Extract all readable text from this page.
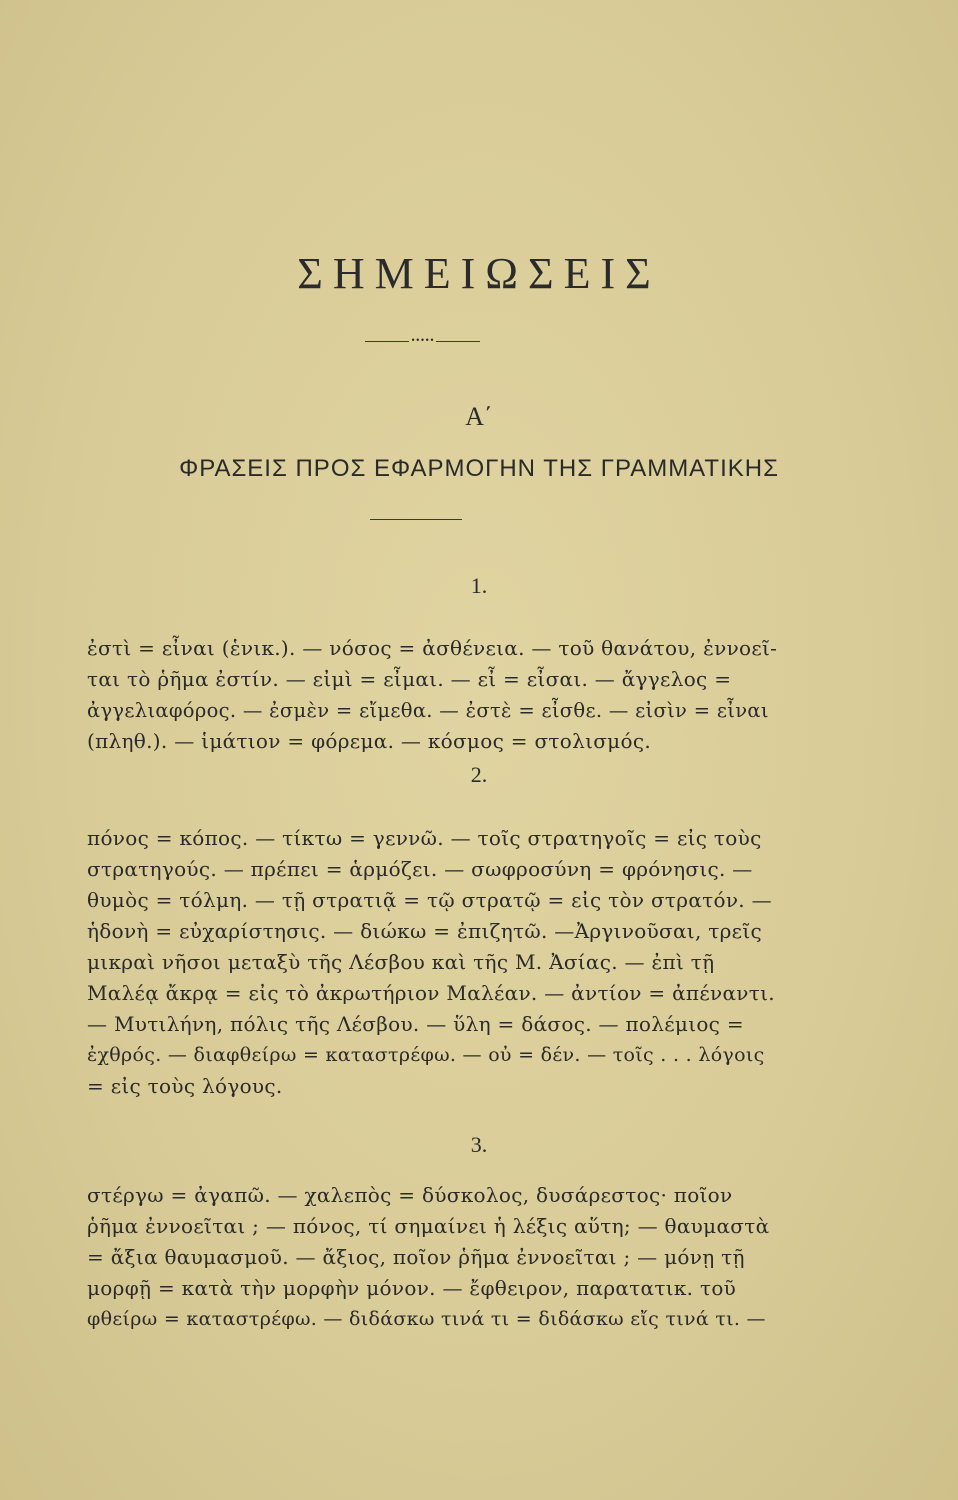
ΣΗΜΕΙΩΣΕΙΣ
•••••
Α΄
ΦΡΑΣΕΙΣ ΠΡΟΣ ΕΦΑΡΜΟΓΗΝ ΤΗΣ ΓΡΑΜΜΑΤΙΚΗΣ
1.
ἐστὶ = εἶναι (ἑνικ.). — νόσος = ἀσθένεια. — τοῦ θανάτου, ἐννοεῖ-
ται τὸ ῥῆμα ἐστίν. — εἰμὶ = εἶμαι. — εἶ = εἶσαι. — ἄγγελος =
ἀγγελιαφόρος. — ἐσμὲν = εἴμεθα. — ἐστὲ = εἶσθε. — εἰσὶν = εἶναι
(πληθ.). — ἱμάτιον = φόρεμα. — κόσμος = στολισμός.
2.
πόνος = κόπος. — τίκτω = γεννῶ. — τοῖς στρατηγοῖς = εἰς τοὺς
στρατηγούς. — πρέπει = ἁρμόζει. — σωφροσύνη = φρόνησις. —
θυμὸς = τόλμη. — τῇ στρατιᾷ = τῷ στρατῷ = εἰς τὸν στρατόν. —
ἡδονὴ = εὐχαρίστησις. — διώκω = ἐπιζητῶ. —Ἀργινοῦσαι, τρεῖς
μικραὶ νῆσοι μεταξὺ τῆς Λέσβου καὶ τῆς Μ. Ἀσίας. — ἐπὶ τῇ
Μαλέᾳ ἄκρᾳ = εἰς τὸ ἀκρωτήριον Μαλέαν. — ἀντίον = ἀπέναντι.
— Μυτιλήνη, πόλις τῆς Λέσβου. — ὕλη = δάσος. — πολέμιος =
ἐχθρός. — διαφθείρω = καταστρέφω. — οὐ = δέν. — τοῖς . . . λόγοις
= εἰς τοὺς λόγους.
3.
στέργω = ἀγαπῶ. — χαλεπὸς = δύσκολος, δυσάρεστος· ποῖον
ῥῆμα ἐννοεῖται ; — πόνος, τί σημαίνει ἡ λέξις αὕτη; — θαυμαστὰ
= ἄξια θαυμασμοῦ. — ἄξιος, ποῖον ῥῆμα ἐννοεῖται ; — μόνῃ τῇ
μορφῇ = κατὰ τὴν μορφὴν μόνον. — ἔφθειρον, παρατατικ. τοῦ
φθείρω = καταστρέφω. — διδάσκω τινά τι = διδάσκω εἴς τινά τι. —
